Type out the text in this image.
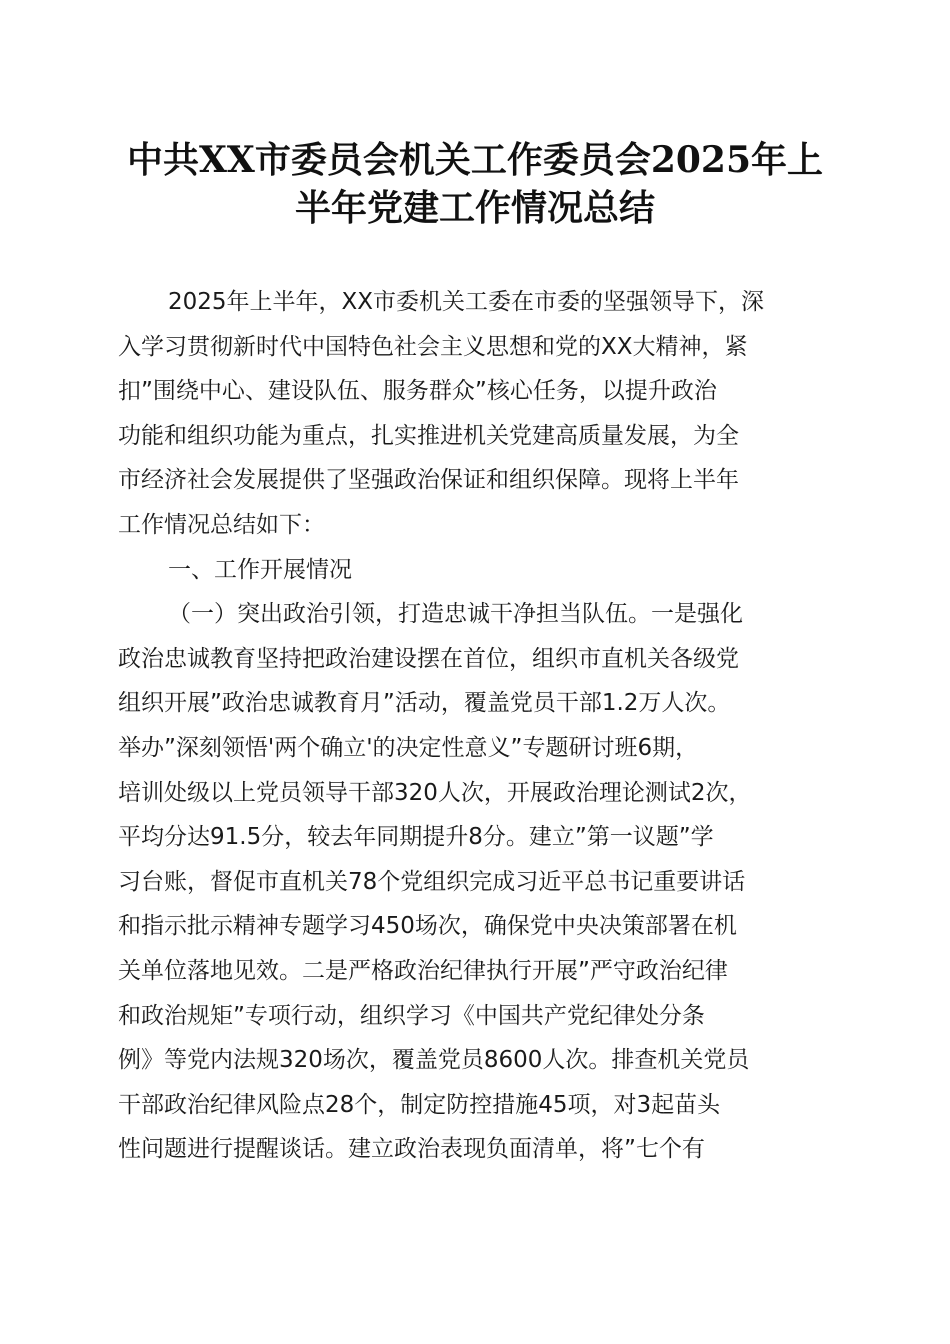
中共XX市委员会机关工作委员会2025年上
半年党建工作情况总结
2025年上半年，XX市委机关工委在市委的坚强领导下，深
入学习贯彻新时代中国特色社会主义思想和党的XX大精神，紧
扣”围绕中心、建设队伍、服务群众”核心任务，以提升政治
功能和组织功能为重点，扎实推进机关党建高质量发展，为全
市经济社会发展提供了坚强政治保证和组织保障。现将上半年
工作情况总结如下：
一、工作开展情况
（一）突出政治引领，打造忠诚干净担当队伍。一是强化
政治忠诚教育坚持把政治建设摆在首位，组织市直机关各级党
组织开展”政治忠诚教育月”活动，覆盖党员干部1.2万人次。
举办”深刻领悟'两个确立'的决定性意义”专题研讨班6期，
培训处级以上党员领导干部320人次，开展政治理论测试2次，
平均分达91.5分，较去年同期提升8分。建立”第一议题”学
习台账，督促市直机关78个党组织完成习近平总书记重要讲话
和指示批示精神专题学习450场次，确保党中央决策部署在机
关单位落地见效。二是严格政治纪律执行开展”严守政治纪律
和政治规矩”专项行动，组织学习《中国共产党纪律处分条
例》等党内法规320场次，覆盖党员8600人次。排查机关党员
干部政治纪律风险点28个，制定防控措施45项，对3起苗头
性问题进行提醒谈话。建立政治表现负面清单，将”七个有
